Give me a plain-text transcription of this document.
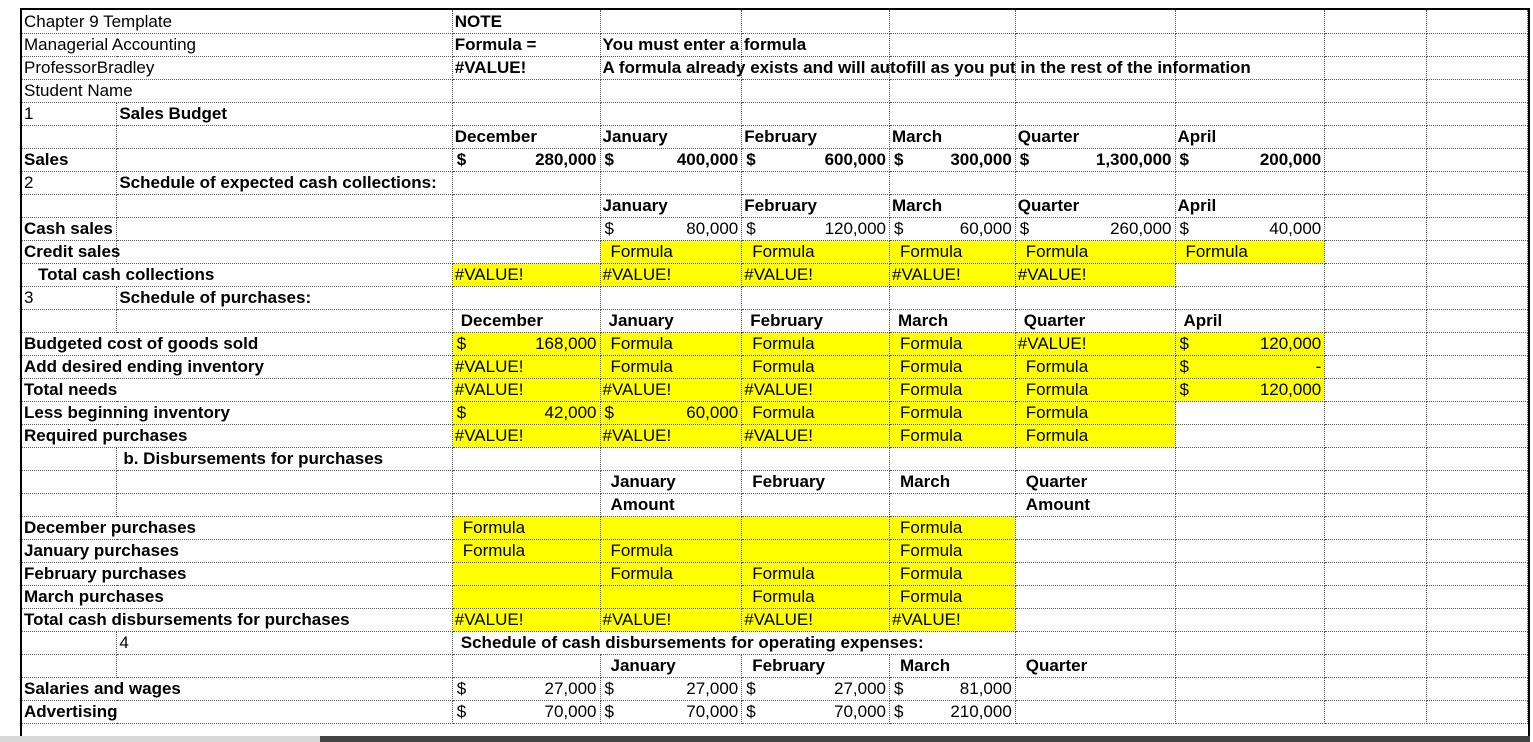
Chapter 9 Template		NOTE							

Managerial Accounting		Formula =	You must enter a formula						

ProfessorBradley		#VALUE!	A formula already exists and will autofill as you put in the rest of the information						

Student Name									

1	Sales Budget								

		December	January	February	March	Quarter	April		

Sales		$ 280,000	$ 400,000	$ 600,000	$ 300,000	$ 1,300,000	$ 200,000		

2	Schedule of expected cash collections:								

			January	February	March	Quarter	April		

Cash sales			$ 80,000	$ 120,000	$ 60,000	$ 260,000	$ 40,000		

Credit sales			Formula	Formula	Formula	Formula	Formula		

Total cash collections		#VALUE!	#VALUE!	#VALUE!	#VALUE!	#VALUE!			

3	Schedule of purchases:								

		December	January	February	March	Quarter	April		

Budgeted cost of goods sold		$ 168,000	Formula	Formula	Formula	#VALUE!	$ 120,000		

Add desired ending inventory		#VALUE!	Formula	Formula	Formula	Formula	$ -		

Total needs		#VALUE!	#VALUE!	#VALUE!	Formula	Formula	$ 120,000		

Less beginning inventory		$ 42,000	$ 60,000	Formula	Formula	Formula			

Required purchases		#VALUE!	#VALUE!	#VALUE!	Formula	Formula			

	b. Disbursements for purchases								

			January	February	March	Quarter			

			Amount			Amount			

December purchases		Formula			Formula				

January purchases		Formula	Formula		Formula				

February purchases			Formula	Formula	Formula				

March purchases				Formula	Formula				

Total cash disbursements for purchases		#VALUE!	#VALUE!	#VALUE!	#VALUE!				

	4	Schedule of cash disbursements for operating expenses:							

			January	February	March	Quarter			

Salaries and wages		$ 27,000	$ 27,000	$ 27,000	$ 81,000				

Advertising		$ 70,000	$ 70,000	$ 70,000	$ 210,000				
